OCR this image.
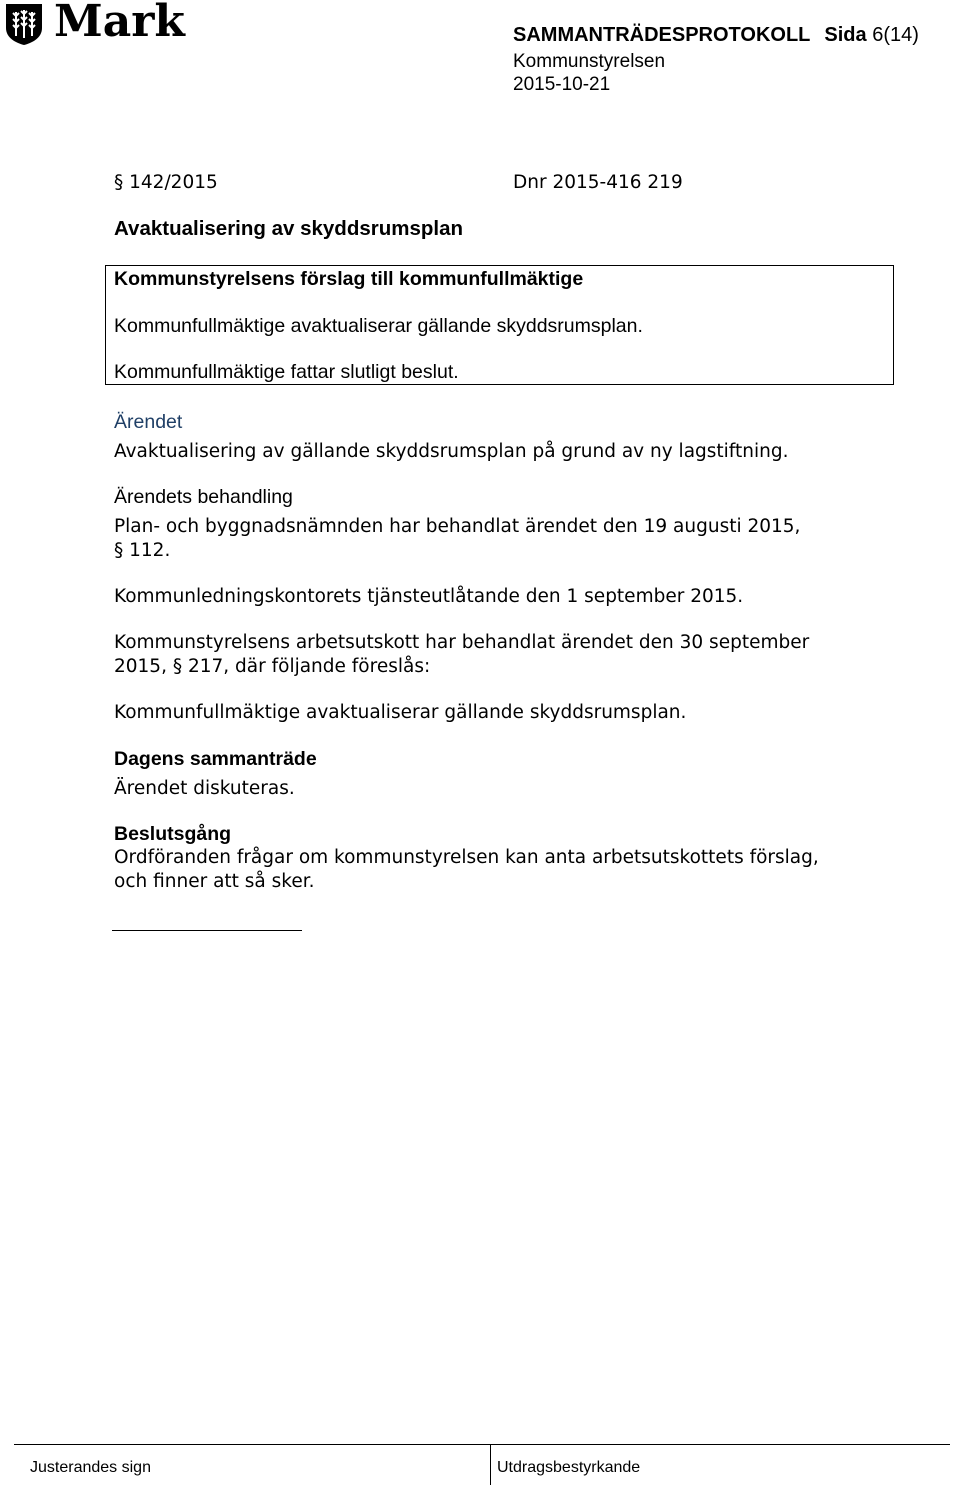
Mark	SAMMANTRÄDESPROTOKOLL Sida 6(14)
Kommunstyrelsen
2015-10-21
§ 142/2015	Dnr 2015-416 219
Avaktualisering av skyddsrumsplan
Kommunstyrelsens förslag till kommunfullmäktige
Kommunfullmäktige avaktualiserar gällande skyddsrumsplan.
Kommunfullmäktige fattar slutligt beslut.
Ärendet
Avaktualisering av gällande skyddsrumsplan på grund av ny lagstiftning.
Ärendets behandling
Plan- och byggnadsnämnden har behandlat ärendet den 19 augusti 2015,
§ 112.
Kommunledningskontorets tjänsteutlåtande den 1 september 2015.
Kommunstyrelsens arbetsutskott har behandlat ärendet den 30 september
2015, § 217, där följande föreslås:
Kommunfullmäktige avaktualiserar gällande skyddsrumsplan.
Dagens sammanträde
Ärendet diskuteras.
Beslutsgång
Ordföranden frågar om kommunstyrelsen kan anta arbetsutskottets förslag,
och finner att så sker.
Justerandes sign	Utdragsbestyrkande
